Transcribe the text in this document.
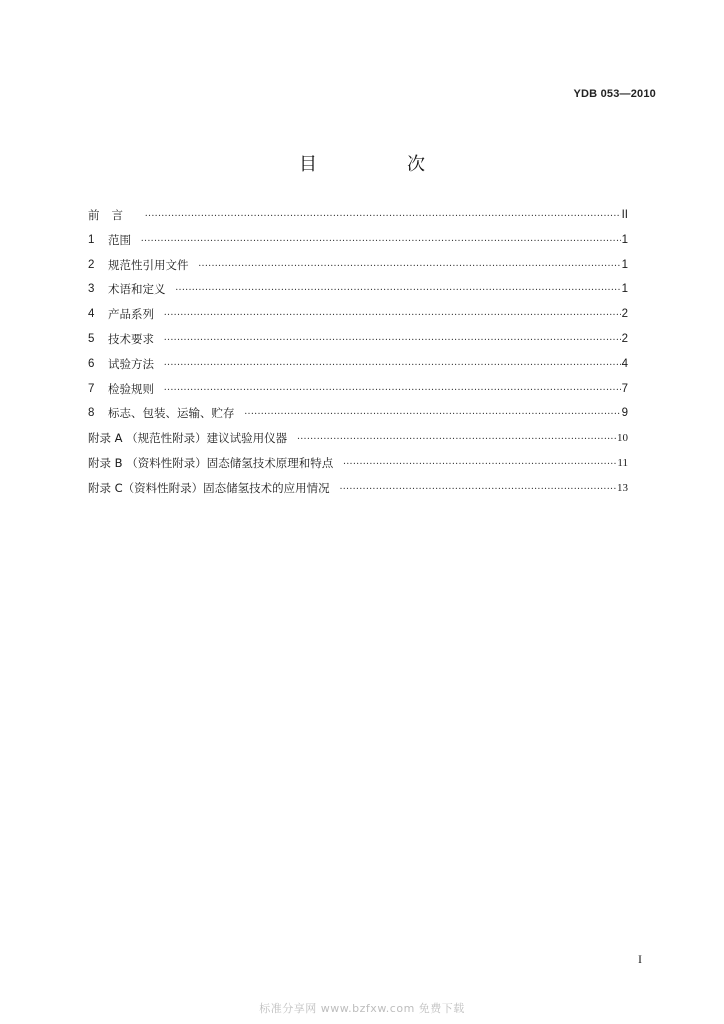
YDB 053—2010
目　次
前言 .....	II
1	范围 .....	1
2	规范性引用文件 .....	1
3	术语和定义 .....	1
4	产品系列 .....	2
5	技术要求 .....	2
6	试验方法 .....	4
7	检验规则 .....	7
8	标志、包装、运输、贮存 .....	9
附录 A （规范性附录）建议试验用仪器 .....	10
附录 B （资料性附录）固态储氢技术原理和特点 .....	11
附录 C（资料性附录）固态储氢技术的应用情况 .....	13
I
标准分享网 www.bzfxw.com 免费下载
